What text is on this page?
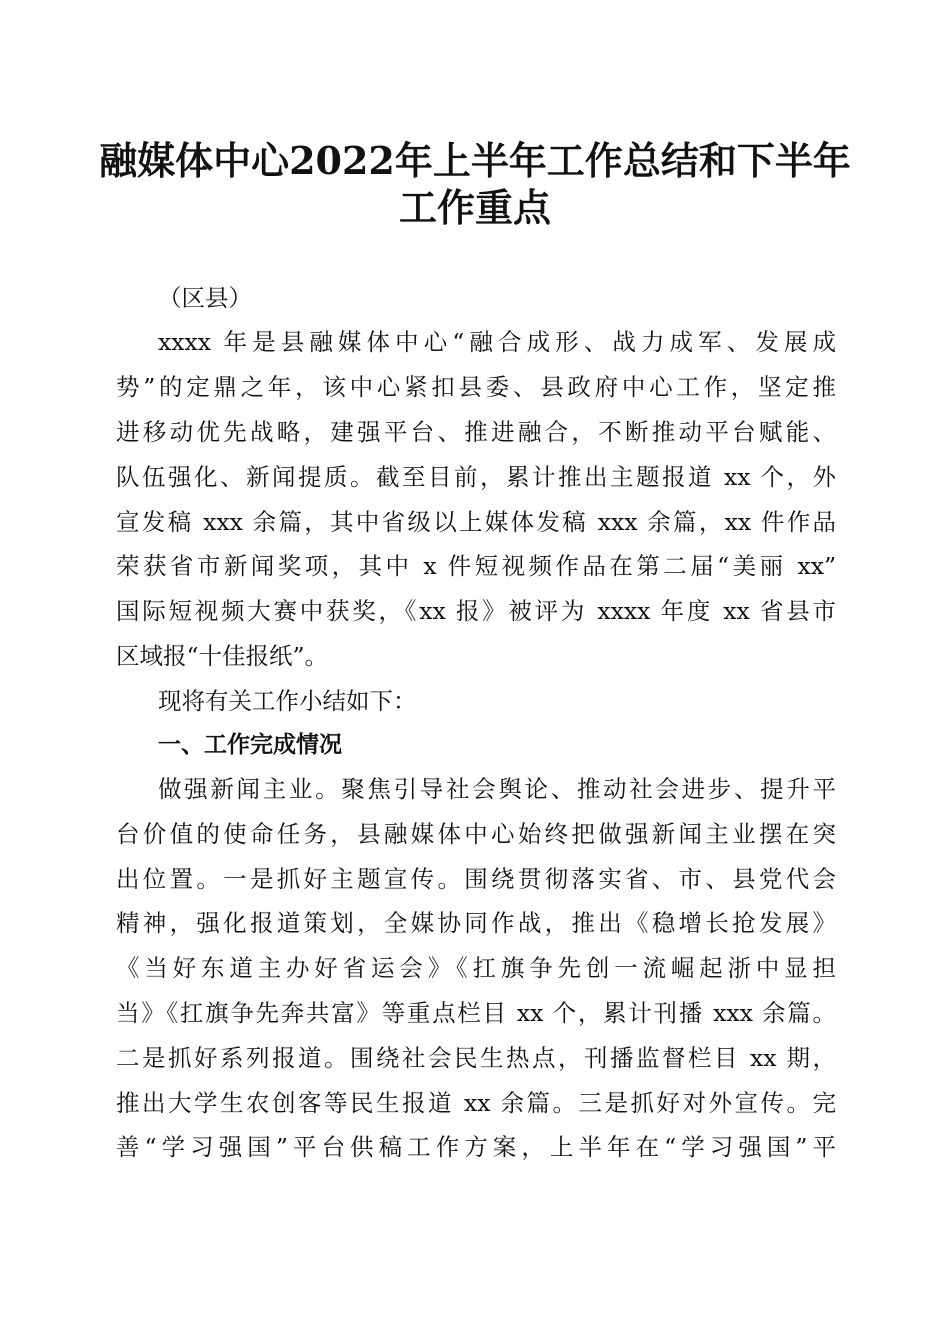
融媒体中心2022年上半年工作总结和下半年
工作重点

（区县）

xxxx 年是县融媒体中心“融合成形、战力成军、发展成

势”的定鼎之年，该中心紧扣县委、县政府中心工作，坚定推

进移动优先战略，建强平台、推进融合，不断推动平台赋能、

队伍强化、新闻提质。截至目前，累计推出主题报道 xx 个，外

宣发稿 xxx 余篇，其中省级以上媒体发稿 xxx 余篇，xx 件作品

荣获省市新闻奖项，其中 x 件短视频作品在第二届“美丽 xx”

国际短视频大赛中获奖，《xx 报》被评为 xxxx 年度 xx 省县市

区域报“十佳报纸”。

现将有关工作小结如下：

一、工作完成情况

做强新闻主业。聚焦引导社会舆论、推动社会进步、提升平

台价值的使命任务，县融媒体中心始终把做强新闻主业摆在突

出位置。一是抓好主题宣传。围绕贯彻落实省、市、县党代会

精神，强化报道策划，全媒协同作战，推出《稳增长抢发展》

《当好东道主办好省运会》《扛旗争先创一流崛起浙中显担

当》《扛旗争先奔共富》等重点栏目 xx 个，累计刊播 xxx 余篇。

二是抓好系列报道。围绕社会民生热点，刊播监督栏目 xx 期，

推出大学生农创客等民生报道 xx 余篇。三是抓好对外宣传。完

善“学习强国”平台供稿工作方案，上半年在“学习强国”平
